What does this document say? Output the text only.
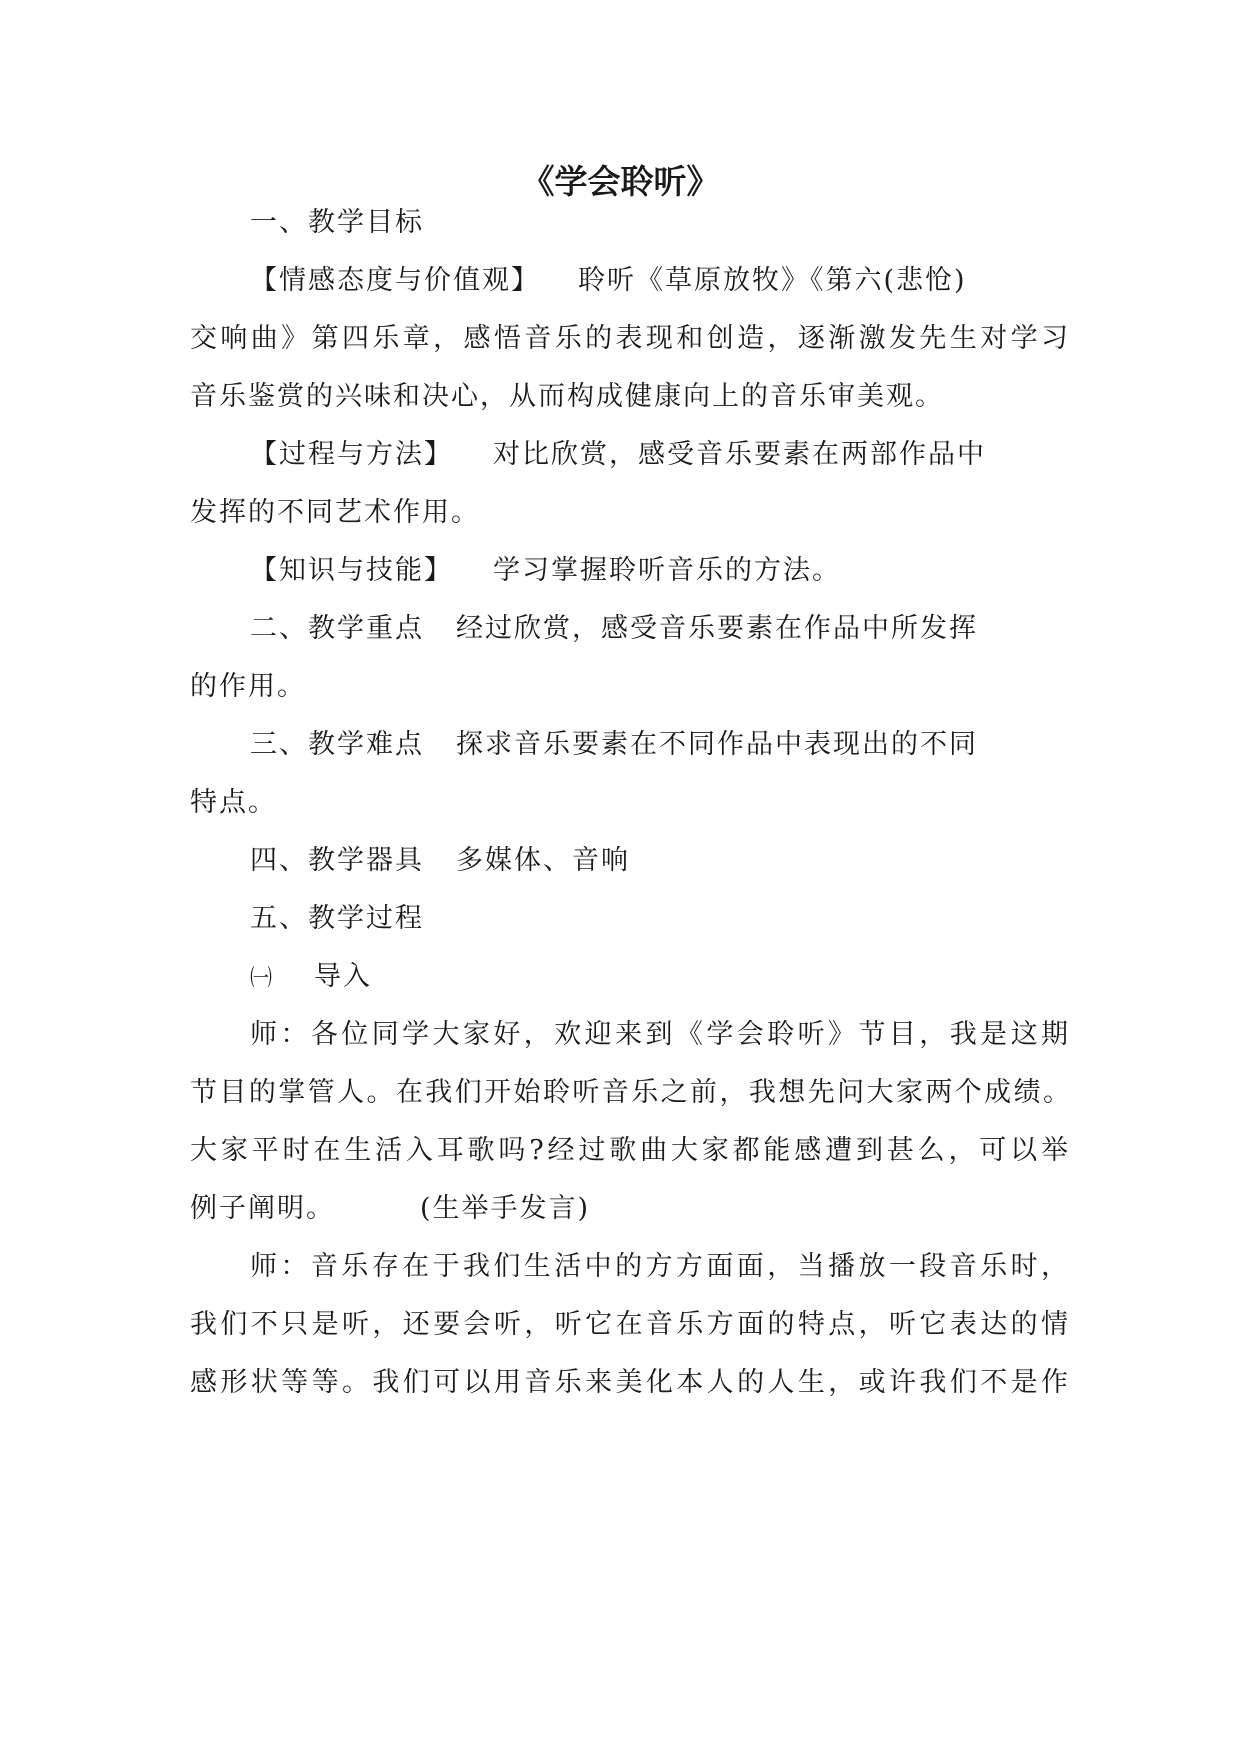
《学会聆听》
一、教学目标
【情感态度与价值观】 聆听《草原放牧》《第六(悲怆)
交响曲》第四乐章，感悟音乐的表现和创造，逐渐激发先生对学习
音乐鉴赏的兴味和决心，从而构成健康向上的音乐审美观。
【过程与方法】 对比欣赏，感受音乐要素在两部作品中
发挥的不同艺术作用。
【知识与技能】 学习掌握聆听音乐的方法。
二、教学重点 经过欣赏，感受音乐要素在作品中所发挥
的作用。
三、教学难点 探求音乐要素在不同作品中表现出的不同
特点。
四、教学器具 多媒体、音响
五、教学过程
㈠ 导入
师：各位同学大家好，欢迎来到《学会聆听》节目，我是这期
节目的掌管人。在我们开始聆听音乐之前，我想先问大家两个成绩。
大家平时在生活入耳歌吗?经过歌曲大家都能感遭到甚么，可以举
例子阐明。	(生举手发言)
师：音乐存在于我们生活中的方方面面，当播放一段音乐时，
我们不只是听，还要会听，听它在音乐方面的特点，听它表达的情
感形状等等。我们可以用音乐来美化本人的人生，或许我们不是作
